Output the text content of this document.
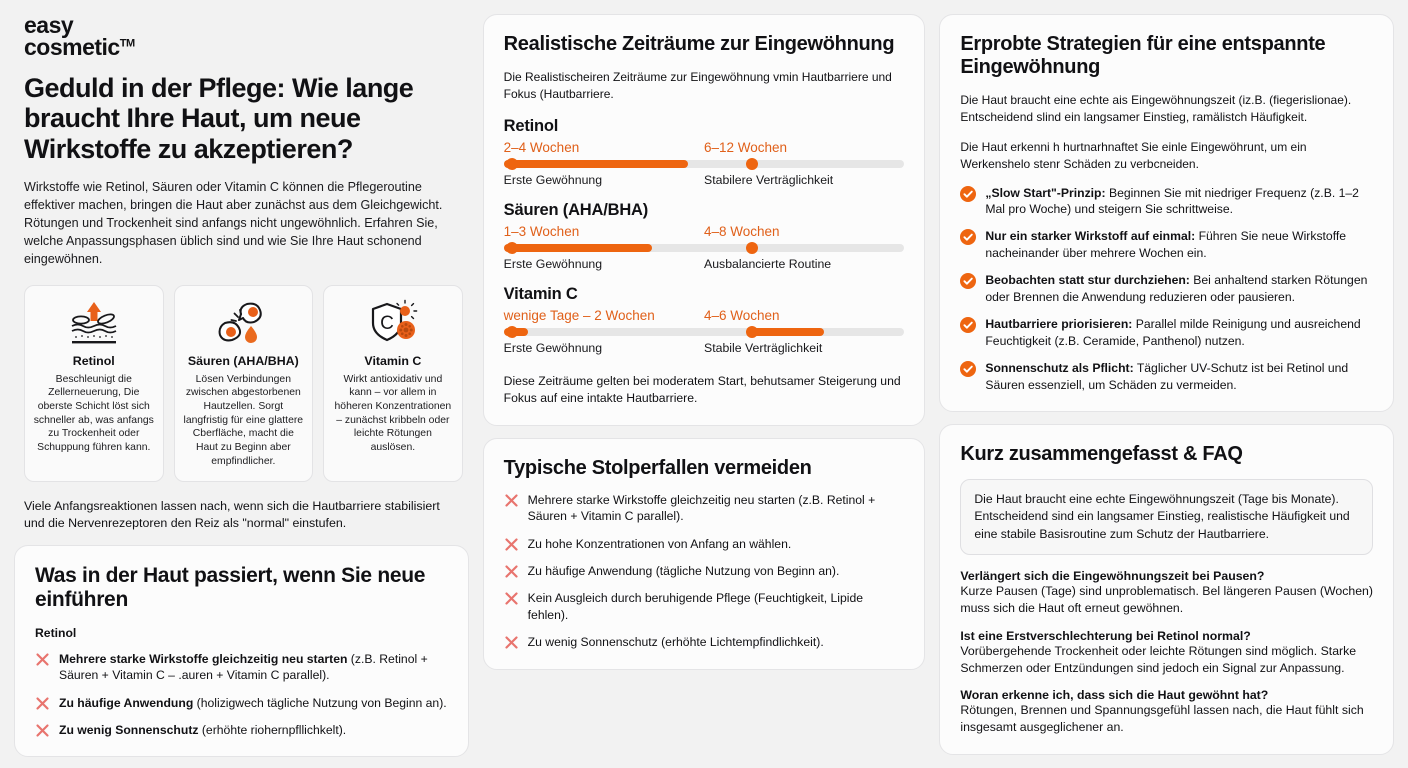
easy
cosmetic™
Geduld in der Pflege: Wie lange braucht Ihre Haut, um neue Wirkstoffe zu akzeptieren?

Wirkstoffe wie Retinol, Säuren oder Vitamin C können die Pflegeroutine effektiver machen, bringen die Haut aber zunächst aus dem Gleichgewicht. Rötungen und Trockenheit sind anfangs nicht ungewöhnlich. Erfahren Sie, welche Anpassungsphasen üblich sind und wie Sie Ihre Haut schonend eingewöhnen.

Retinol
Beschleunigt die Zellerneuerung, Die oberste Schicht löst sich schneller ab, was anfangs zu Trockenheit oder Schuppung führen kann.
Säuren (AHA/BHA)
Lösen Verbindungen zwischen abgestorbenen Hautzellen. Sorgt langfristig für eine glattere Cberfläche, macht die Haut zu Beginn aber empfindlicher.
C
Vitamin C
Wirkt antioxidativ und kann – vor allem in höheren Konzentrationen – zunächst kribbeln oder leichte Rötungen auslösen.

Viele Anfangsreaktionen lassen nach, wenn sich die Hautbarriere stabilisiert und die Nervenrezeptoren den Reiz als "normal" einstufen.

Was in der Haut passiert, wenn Sie neue einführen
Retinol
Mehrere starke Wirkstoffe gleichzeitig neu starten (z.B. Retinol + Säuren + Vitamin C – .auren + Vitamin C parallel).
Zu häufige Anwendung (holizigwech tägliche Nutzung von Beginn an).
Zu wenig Sonnenschutz (erhöhte riohernpfllichkelt).
Realistische Zeiträume zur Eingewöhnung

Die Realistischeiren Zeiträume zur Eingewöhnung vmin Hautbarriere und Fokus (Hautbarriere.

Retinol
2–4 Wochen	6–12 Wochen
Erste Gewöhnung	Stabilere Verträglichkeit
Säuren (AHA/BHA)
1–3 Wochen	4–8 Wochen
Erste Gewöhnung	Ausbalancierte Routine
Vitamin C
wenige Tage – 2 Wochen	4–6 Wochen
Erste Gewöhnung	Stabile Verträglichkeit

Diese Zeiträume gelten bei moderatem Start, behutsamer Steigerung und Fokus auf eine intakte Hautbarriere.

Typische Stolperfallen vermeiden
Mehrere starke Wirkstoffe gleichzeitig neu starten (z.B. Retinol + Säuren + Vitamin C parallel).
Zu hohe Konzentrationen von Anfang an wählen.
Zu häufige Anwendung (tägliche Nutzung von Beginn an).
Kein Ausgleich durch beruhigende Pflege (Feuchtigkeit, Lipide fehlen).
Zu wenig Sonnenschutz (erhöhte Lichtempfindlichkeit).
Erprobte Strategien für eine entspannte Eingewöhnung

Die Haut braucht eine echte ais Eingewöhnungszeit (iz.B. (fiegerislionae). Entscheidend slind ein langsamer Einstieg, ramälistch Häufigkeit.

Die Haut erkenni h hurtnarhnaftet Sie einle Eingewöhrunt, um ein Werkenshelo stenr Schäden zu verbcneiden.

„Slow Start"-Prinzip: Beginnen Sie mit niedriger Frequenz (z.B. 1–2 Mal pro Woche) und steigern Sie schrittweise.
Nur ein starker Wirkstoff auf einmal: Führen Sie neue Wirkstoffe nacheinander über mehrere Wochen ein.
Beobachten statt stur durchziehen: Bei anhaltend starken Rötungen oder Brennen die Anwendung reduzieren oder pausieren.
Hautbarriere priorisieren: Parallel milde Reinigung und ausreichend Feuchtigkeit (z.B. Ceramide, Panthenol) nutzen.
Sonnenschutz als Pflicht: Täglicher UV-Schutz ist bei Retinol und Säuren essenziell, um Schäden zu vermeiden.
Kurz zusammengefasst & FAQ
Die Haut braucht eine echte Eingewöhnungszeit (Tage bis Monate). Entscheidend sind ein langsamer Einstieg, realistische Häufigkeit und eine stabile Basisroutine zum Schutz der Hautbarriere.
Verlängert sich die Eingewöhnungszeit bei Pausen?
Kurze Pausen (Tage) sind unproblematisch. Bel längeren Pausen (Wochen) muss sich die Haut oft erneut gewöhnen.
Ist eine Erstverschlechterung bei Retinol normal?
Vorübergehende Trockenheit oder leichte Rötungen sind möglich. Starke Schmerzen oder Entzündungen sind jedoch ein Signal zur Anpassung.
Woran erkenne ich, dass sich die Haut gewöhnt hat?
Rötungen, Brennen und Spannungsgefühl lassen nach, die Haut fühlt sich insgesamt ausgeglichener an.
